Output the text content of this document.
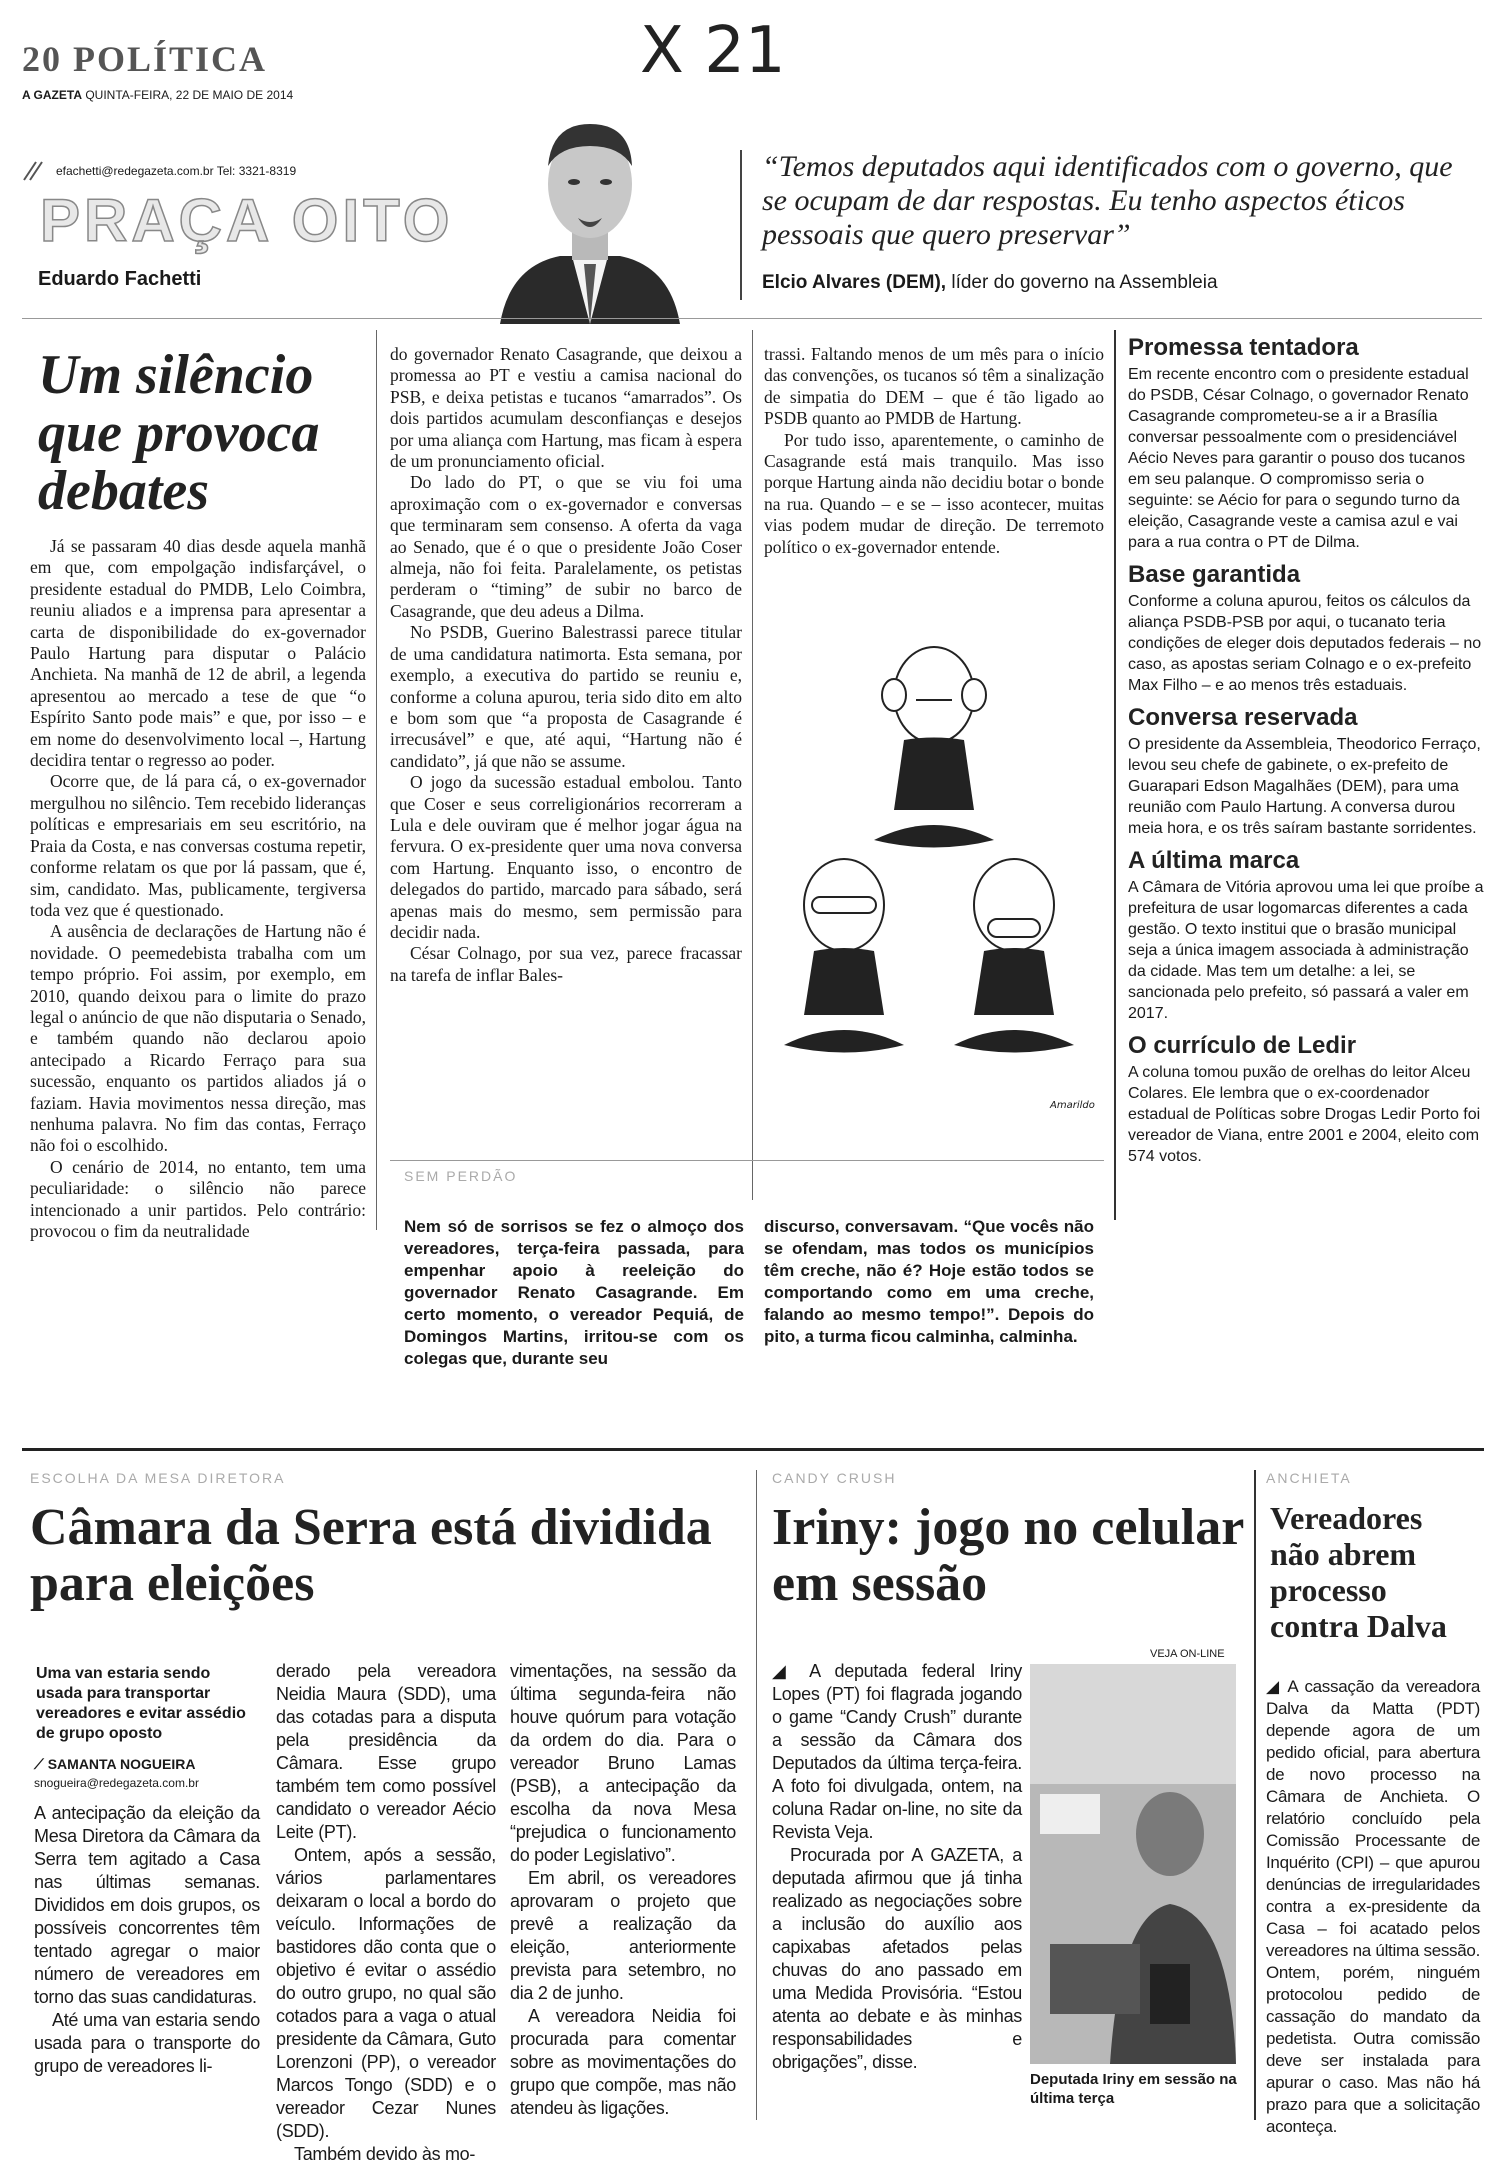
20 POLÍTICA
A GAZETA QUINTA-FEIRA, 22 DE MAIO DE 2014
X 21
efachetti@redegazeta.com.br Tel: 3321-8319
PRAÇA OITO
Eduardo Fachetti
“Temos deputados aqui identificados com o governo, que se ocupam de dar respostas. Eu tenho aspectos éticos pessoais que quero preservar”
Elcio Alvares (DEM), líder do governo na Assembleia
Um silêncio que provoca debates

Já se passaram 40 dias desde aquela manhã em que, com empolgação indisfarçável, o presidente estadual do PMDB, Lelo Coimbra, reuniu aliados e a imprensa para apresentar a carta de disponibilidade do ex-governador Paulo Hartung para disputar o Palácio Anchieta. Na manhã de 12 de abril, a legenda apresentou ao mercado a tese de que “o Espírito Santo pode mais” e que, por isso – e em nome do desenvolvimento local –, Hartung decidira tentar o regresso ao poder.

Ocorre que, de lá para cá, o ex-governador mergulhou no silêncio. Tem recebido lideranças políticas e empresariais em seu escritório, na Praia da Costa, e nas conversas costuma repetir, conforme relatam os que por lá passam, que é, sim, candidato. Mas, publicamente, tergiversa toda vez que é questionado.

A ausência de declarações de Hartung não é novidade. O peemedebista trabalha com um tempo próprio. Foi assim, por exemplo, em 2010, quando deixou para o limite do prazo legal o anúncio de que não disputaria o Senado, e também quando não declarou apoio antecipado a Ricardo Ferraço para sua sucessão, enquanto os partidos aliados já o faziam. Havia movimentos nessa direção, mas nenhuma palavra. No fim das contas, Ferraço não foi o escolhido.

O cenário de 2014, no entanto, tem uma peculiaridade: o silêncio não parece intencionado a unir partidos. Pelo contrário: provocou o fim da neutralidade

do governador Renato Casagrande, que deixou a promessa ao PT e vestiu a camisa nacional do PSB, e deixa petistas e tucanos “amarrados”. Os dois partidos acumulam desconfianças e desejos por uma aliança com Hartung, mas ficam à espera de um pronunciamento oficial.

Do lado do PT, o que se viu foi uma aproximação com o ex-governador e conversas que terminaram sem consenso. A oferta da vaga ao Senado, que é o que o presidente João Coser almeja, não foi feita. Paralelamente, os petistas perderam o “timing” de subir no barco de Casagrande, que deu adeus a Dilma.

No PSDB, Guerino Balestrassi parece titular de uma candidatura natimorta. Esta semana, por exemplo, a executiva do partido se reuniu e, conforme a coluna apurou, teria sido dito em alto e bom som que “a proposta de Casagrande é irrecusável” e que, até aqui, “Hartung não é candidato”, já que não se assume.

O jogo da sucessão estadual embolou. Tanto que Coser e seus correligionários recorreram a Lula e dele ouviram que é melhor jogar água na fervura. O ex-presidente quer uma nova conversa com Hartung. Enquanto isso, o encontro de delegados do partido, marcado para sábado, será apenas mais do mesmo, sem permissão para decidir nada.

César Colnago, por sua vez, parece fracassar na tarefa de inflar Bales-

trassi. Faltando menos de um mês para o início das convenções, os tucanos só têm a sinalização de simpatia do DEM – que é tão ligado ao PSDB quanto ao PMDB de Hartung.

Por tudo isso, aparentemente, o caminho de Casagrande está mais tranquilo. Mas isso porque Hartung ainda não decidiu botar o bonde na rua. Quando – e se – isso acontecer, muitas vias podem mudar de direção. De terremoto político o ex-governador entende.

Amarildo
Promessa tentadora
Em recente encontro com o presidente estadual do PSDB, César Colnago, o governador Renato Casagrande comprometeu-se a ir a Brasília conversar pessoalmente com o presidenciável Aécio Neves para garantir o pouso dos tucanos em seu palanque. O compromisso seria o seguinte: se Aécio for para o segundo turno da eleição, Casagrande veste a camisa azul e vai para a rua contra o PT de Dilma.
Base garantida
Conforme a coluna apurou, feitos os cálculos da aliança PSDB-PSB por aqui, o tucanato teria condições de eleger dois deputados federais – no caso, as apostas seriam Colnago e o ex-prefeito Max Filho – e ao menos três estaduais.
Conversa reservada
O presidente da Assembleia, Theodorico Ferraço, levou seu chefe de gabinete, o ex-prefeito de Guarapari Edson Magalhães (DEM), para uma reunião com Paulo Hartung. A conversa durou meia hora, e os três saíram bastante sorridentes.
A última marca
A Câmara de Vitória aprovou uma lei que proíbe a prefeitura de usar logomarcas diferentes a cada gestão. O texto institui que o brasão municipal seja a única imagem associada à administração da cidade. Mas tem um detalhe: a lei, se sancionada pelo prefeito, só passará a valer em 2017.
O currículo de Ledir
A coluna tomou puxão de orelhas do leitor Alceu Colares. Ele lembra que o ex-coordenador estadual de Políticas sobre Drogas Ledir Porto foi vereador de Viana, entre 2001 e 2004, eleito com 574 votos.
SEM PERDÃO
Nem só de sorrisos se fez o almoço dos vereadores, terça-feira passada, para empenhar apoio à reeleição do governador Renato Casagrande. Em certo momento, o vereador Pequiá, de Domingos Martins, irritou-se com os colegas que, durante seu
discurso, conversavam. “Que vocês não se ofendam, mas todos os municípios têm creche, não é? Hoje estão todos se comportando como em uma creche, falando ao mesmo tempo!”. Depois do pito, a turma ficou calminha, calminha.
ESCOLHA DA MESA DIRETORA
Câmara da Serra está dividida para eleições
Uma van estaria sendo usada para transportar vereadores e evitar assédio de grupo oposto
⟋ SAMANTA NOGUEIRA
snogueira@redegazeta.com.br

A antecipação da eleição da Mesa Diretora da Câmara da Serra tem agitado a Casa nas últimas semanas. Divididos em dois grupos, os possíveis concorrentes têm tentado agregar o maior número de vereadores em torno das suas candidaturas.

Até uma van estaria sendo usada para o transporte do grupo de vereadores li-

derado pela vereadora Neidia Maura (SDD), uma das cotadas para a disputa pela presidência da Câmara. Esse grupo também tem como possível candidato o vereador Aécio Leite (PT).

Ontem, após a sessão, vários parlamentares deixaram o local a bordo do veículo. Informações de bastidores dão conta que o objetivo é evitar o assédio do outro grupo, no qual são cotados para a vaga o atual presidente da Câmara, Guto Lorenzoni (PP), o vereador Marcos Tongo (SDD) e o vereador Cezar Nunes (SDD).

Também devido às mo-

vimentações, na sessão da última segunda-feira não houve quórum para votação da ordem do dia. Para o vereador Bruno Lamas (PSB), a antecipação da escolha da nova Mesa “prejudica o funcionamento do poder Legislativo”.

Em abril, os vereadores aprovaram o projeto que prevê a realização da eleição, anteriormente prevista para setembro, no dia 2 de junho.

A vereadora Neidia foi procurada para comentar sobre as movimentações do grupo que compõe, mas não atendeu às ligações.

CANDY CRUSH
Iriny: jogo no celular em sessão

◢ A deputada federal Iriny Lopes (PT) foi flagrada jogando o game “Candy Crush” durante a sessão da Câmara dos Deputados da última terça-feira. A foto foi divulgada, ontem, na coluna Radar on-line, no site da Revista Veja.

Procurada por A GAZETA, a deputada afirmou que já tinha realizado as negociações sobre a inclusão do auxílio aos capixabas afetados pelas chuvas do ano passado em uma Medida Provisória. “Estou atenta ao debate e às minhas responsabilidades e obrigações”, disse.

VEJA ON-LINE
Deputada Iriny em sessão na última terça
ANCHIETA
Vereadores não abrem processo contra Dalva

◢ A cassação da vereadora Dalva da Matta (PDT) depende agora de um pedido oficial, para abertura de novo processo na Câmara de Anchieta. O relatório concluído pela Comissão Processante de Inquérito (CPI) – que apurou denúncias de irregularidades contra a ex-presidente da Casa – foi acatado pelos vereadores na última sessão. Ontem, porém, ninguém protocolou pedido de cassação do mandato da pedetista. Outra comissão deve ser instalada para apurar o caso. Mas não há prazo para que a solicitação aconteça.
